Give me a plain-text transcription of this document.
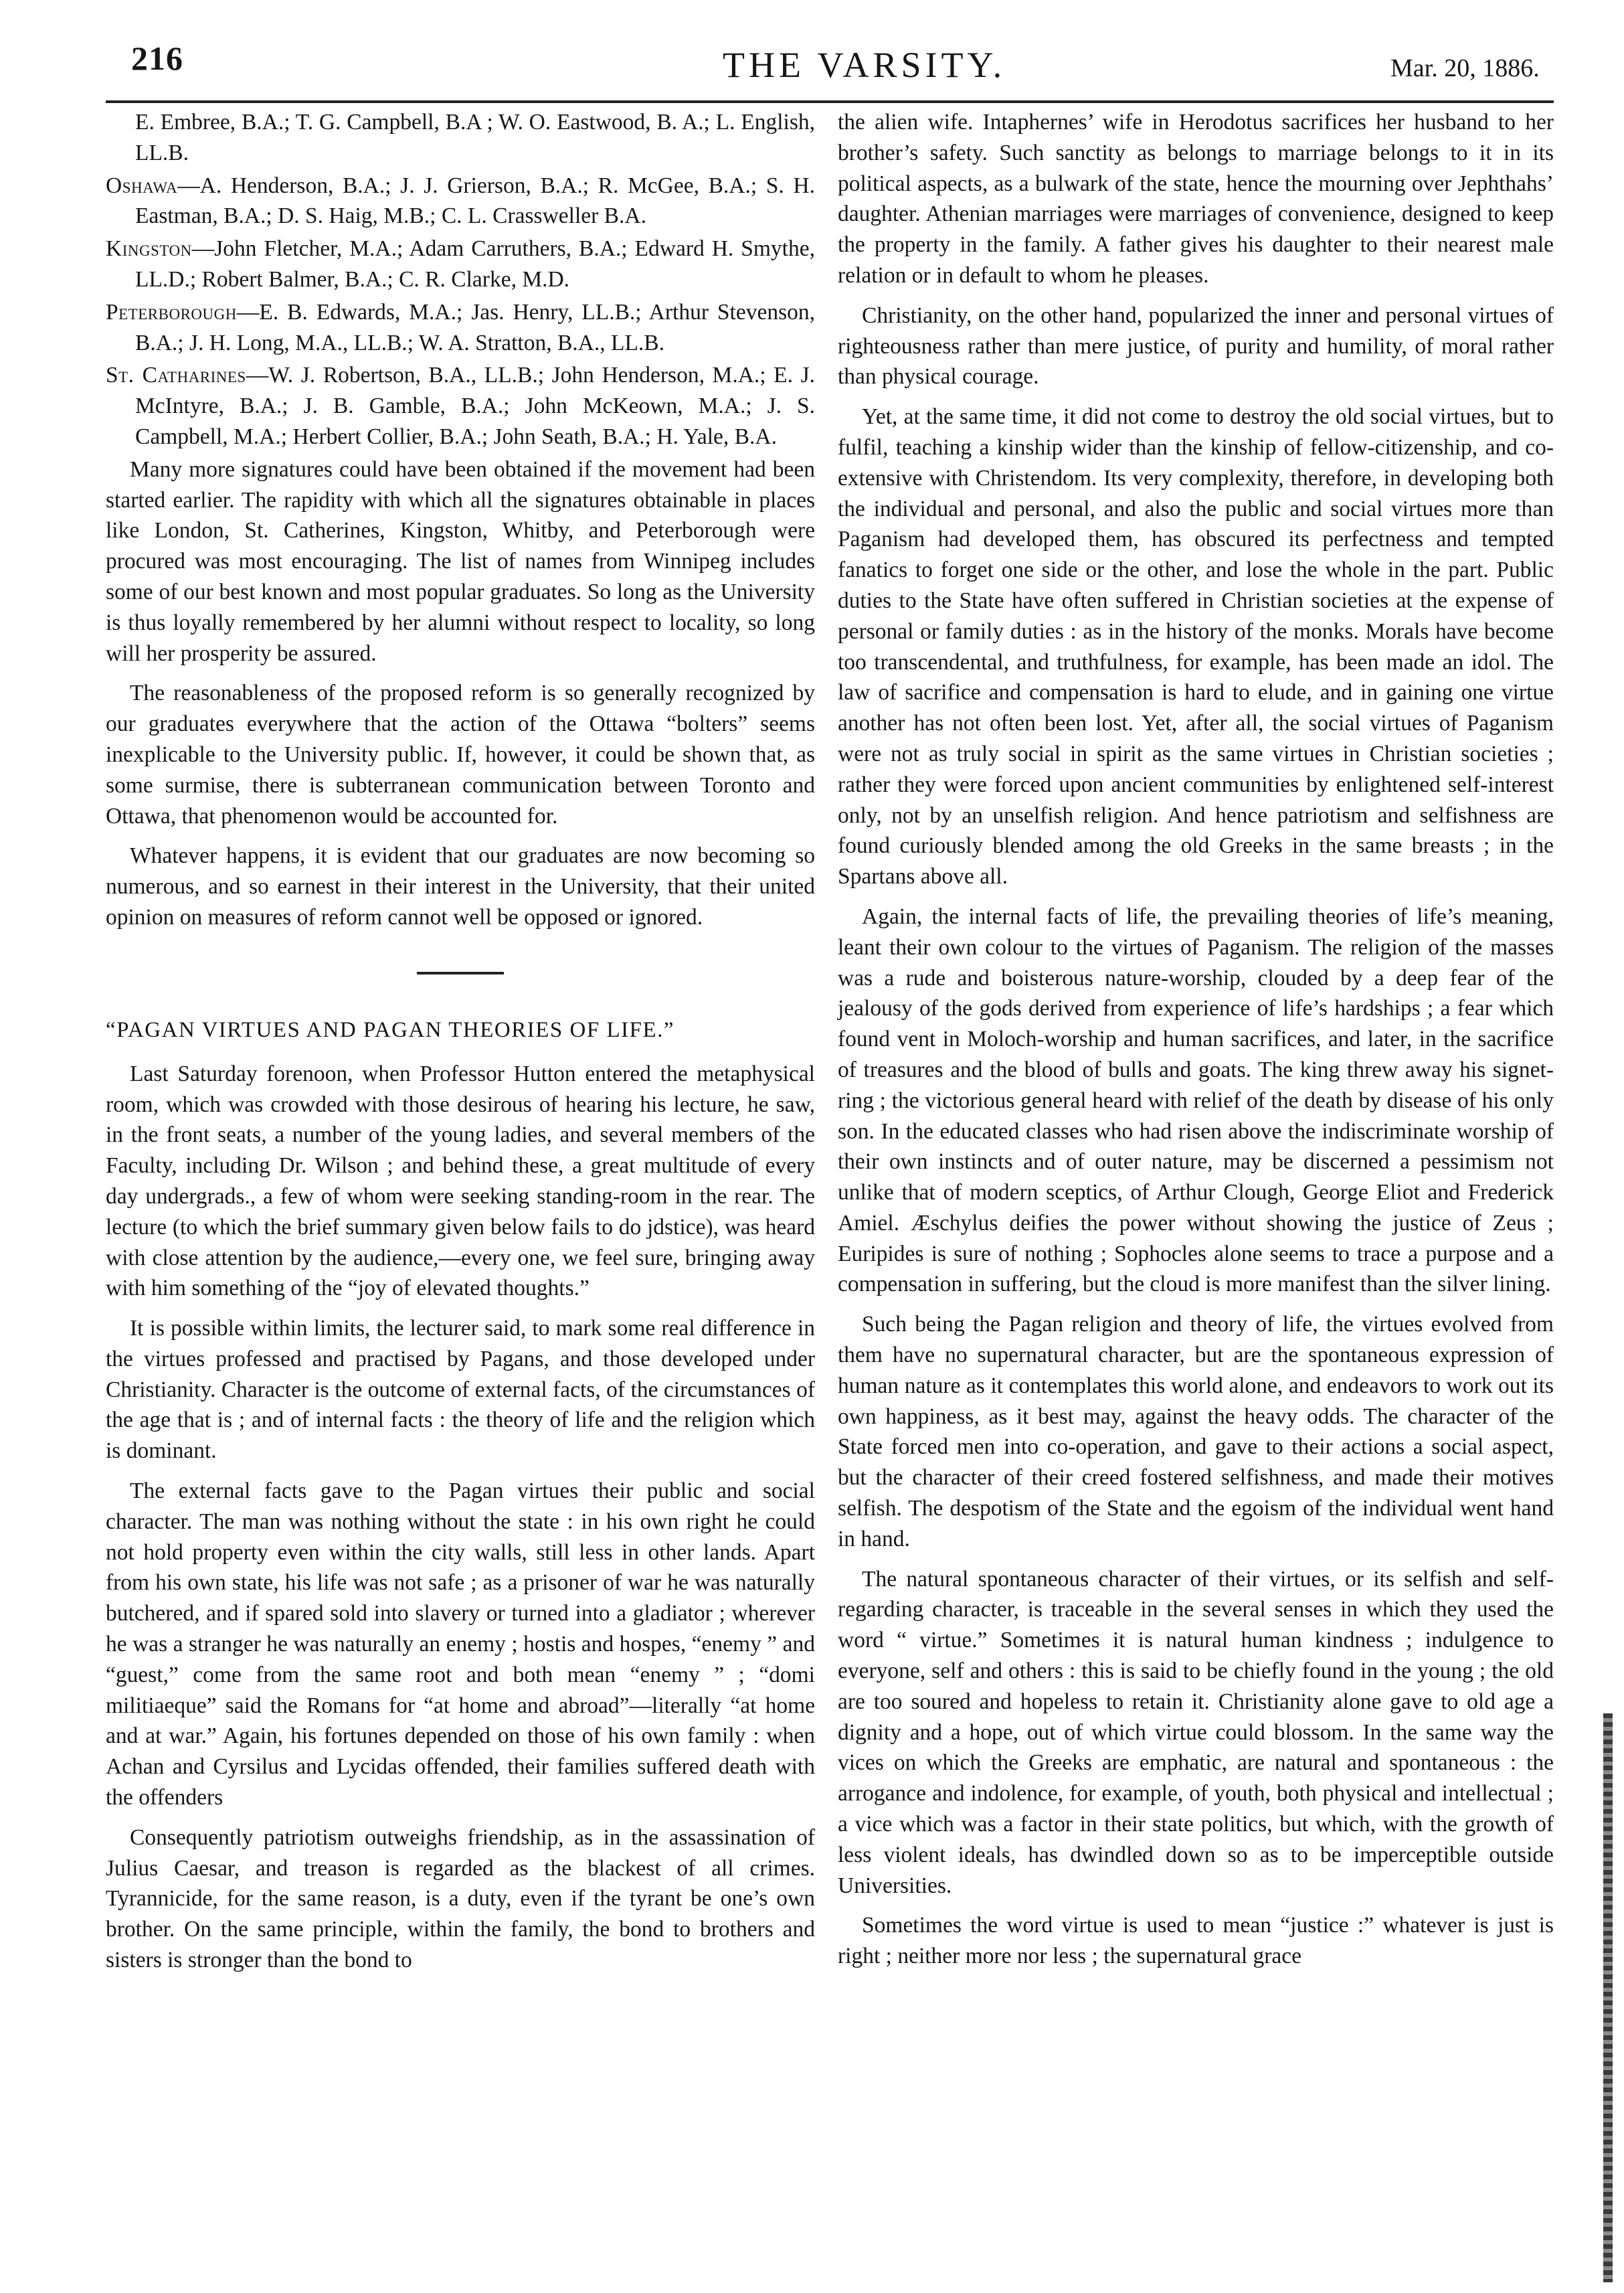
216	THE VARSITY.	Mar. 20, 1886.
E. Embree, B.A.; T. G. Campbell, B.A ; W. O. Eastwood, B. A.; L. English, LL.B.
Oshawa—A. Henderson, B.A.; J. J. Grierson, B.A.; R. McGee, B.A.; S. H. Eastman, B.A.; D. S. Haig, M.B.; C. L. Crassweller B.A.
Kingston—John Fletcher, M.A.; Adam Carruthers, B.A.; Edward H. Smythe, LL.D.; Robert Balmer, B.A.; C. R. Clarke, M.D.
Peterborough—E. B. Edwards, M.A.; Jas. Henry, LL.B.; Arthur Stevenson, B.A.; J. H. Long, M.A., LL.B.; W. A. Stratton, B.A., LL.B.
St. Catharines—W. J. Robertson, B.A., LL.B.; John Henderson, M.A.; E. J. McIntyre, B.A.; J. B. Gamble, B.A.; John McKeown, M.A.; J. S. Campbell, M.A.; Herbert Collier, B.A.; John Seath, B.A.; H. Yale, B.A.

Many more signatures could have been obtained if the movement had been started earlier. The rapidity with which all the signatures obtainable in places like London, St. Catherines, Kingston, Whitby, and Peterborough were procured was most encouraging. The list of names from Winnipeg includes some of our best known and most popular graduates. So long as the University is thus loyally remembered by her alumni without respect to locality, so long will her prosperity be assured.

The reasonableness of the proposed reform is so generally recognized by our graduates everywhere that the action of the Ottawa “bolters” seems inexplicable to the University public. If, however, it could be shown that, as some surmise, there is subterranean communication between Toronto and Ottawa, that phenomenon would be accounted for.

Whatever happens, it is evident that our graduates are now becoming so numerous, and so earnest in their interest in the University, that their united opinion on measures of reform cannot well be opposed or ignored.

“PAGAN VIRTUES AND PAGAN THEORIES OF LIFE.”

Last Saturday forenoon, when Professor Hutton entered the metaphysical room, which was crowded with those desirous of hearing his lecture, he saw, in the front seats, a number of the young ladies, and several members of the Faculty, including Dr. Wilson ; and behind these, a great multitude of every day undergrads., a few of whom were seeking standing-room in the rear. The lecture (to which the brief summary given below fails to do jdstice), was heard with close attention by the audience,—every one, we feel sure, bringing away with him something of the “joy of elevated thoughts.”

It is possible within limits, the lecturer said, to mark some real difference in the virtues professed and practised by Pagans, and those developed under Christianity. Character is the outcome of external facts, of the circumstances of the age that is ; and of internal facts : the theory of life and the religion which is dominant.

The external facts gave to the Pagan virtues their public and social character. The man was nothing without the state : in his own right he could not hold property even within the city walls, still less in other lands. Apart from his own state, his life was not safe ; as a prisoner of war he was naturally butchered, and if spared sold into slavery or turned into a gladiator ; wherever he was a stranger he was naturally an enemy ; hostis and hospes, “enemy ” and “guest,” come from the same root and both mean “enemy ” ; “domi militiaeque” said the Romans for “at home and abroad”—literally “at home and at war.” Again, his fortunes depended on those of his own family : when Achan and Cyrsilus and Lycidas offended, their families suffered death with the offenders

Consequently patriotism outweighs friendship, as in the assassination of Julius Caesar, and treason is regarded as the blackest of all crimes. Tyrannicide, for the same reason, is a duty, even if the tyrant be one’s own brother. On the same principle, within the family, the bond to brothers and sisters is stronger than the bond to

the alien wife. Intaphernes’ wife in Herodotus sacrifices her husband to her brother’s safety. Such sanctity as belongs to marriage belongs to it in its political aspects, as a bulwark of the state, hence the mourning over Jephthahs’ daughter. Athenian marriages were marriages of convenience, designed to keep the property in the family. A father gives his daughter to their nearest male relation or in default to whom he pleases.

Christianity, on the other hand, popularized the inner and personal virtues of righteousness rather than mere justice, of purity and humility, of moral rather than physical courage.

Yet, at the same time, it did not come to destroy the old social virtues, but to fulfil, teaching a kinship wider than the kinship of fellow-citizenship, and co-extensive with Christendom. Its very complexity, therefore, in developing both the individual and personal, and also the public and social virtues more than Paganism had developed them, has obscured its perfectness and tempted fanatics to forget one side or the other, and lose the whole in the part. Public duties to the State have often suffered in Christian societies at the expense of personal or family duties : as in the history of the monks. Morals have become too transcendental, and truthfulness, for example, has been made an idol. The law of sacrifice and compensation is hard to elude, and in gaining one virtue another has not often been lost. Yet, after all, the social virtues of Paganism were not as truly social in spirit as the same virtues in Christian societies ; rather they were forced upon ancient communities by enlightened self-interest only, not by an unselfish religion. And hence patriotism and selfishness are found curiously blended among the old Greeks in the same breasts ; in the Spartans above all.

Again, the internal facts of life, the prevailing theories of life’s meaning, leant their own colour to the virtues of Paganism. The religion of the masses was a rude and boisterous nature-worship, clouded by a deep fear of the jealousy of the gods derived from experience of life’s hardships ; a fear which found vent in Moloch-worship and human sacrifices, and later, in the sacrifice of treasures and the blood of bulls and goats. The king threw away his signet-ring ; the victorious general heard with relief of the death by disease of his only son. In the educated classes who had risen above the indiscriminate worship of their own instincts and of outer nature, may be discerned a pessimism not unlike that of modern sceptics, of Arthur Clough, George Eliot and Frederick Amiel. Æschylus deifies the power without showing the justice of Zeus ; Euripides is sure of nothing ; Sophocles alone seems to trace a purpose and a compensation in suffering, but the cloud is more manifest than the silver lining.

Such being the Pagan religion and theory of life, the virtues evolved from them have no supernatural character, but are the spontaneous expression of human nature as it contemplates this world alone, and endeavors to work out its own happiness, as it best may, against the heavy odds. The character of the State forced men into co-operation, and gave to their actions a social aspect, but the character of their creed fostered selfishness, and made their motives selfish. The despotism of the State and the egoism of the individual went hand in hand.

The natural spontaneous character of their virtues, or its selfish and self-regarding character, is traceable in the several senses in which they used the word “ virtue.” Sometimes it is natural human kindness ; indulgence to everyone, self and others : this is said to be chiefly found in the young ; the old are too soured and hopeless to retain it. Christianity alone gave to old age a dignity and a hope, out of which virtue could blossom. In the same way the vices on which the Greeks are emphatic, are natural and spontaneous : the arrogance and indolence, for example, of youth, both physical and intellectual ; a vice which was a factor in their state politics, but which, with the growth of less violent ideals, has dwindled down so as to be imperceptible outside Universities.

Sometimes the word virtue is used to mean “justice :” whatever is just is right ; neither more nor less ; the supernatural grace
